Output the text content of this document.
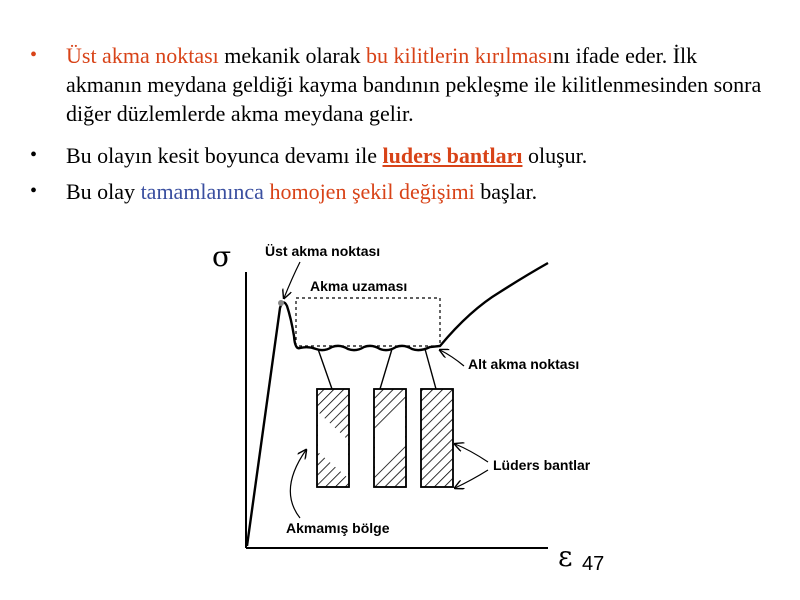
• Üst akma noktası mekanik olarak bu kilitlerin kırılmasını ifade eder. İlk akmanın meydana geldiği kayma bandının pekleşme ile kilitlenmesinden sonra diğer düzlemlerde akma meydana gelir.
• Bu olayın kesit boyunca devamı ile luders bantları oluşur.
• Bu olay tamamlanınca homojen şekil değişimi başlar.
σ
ε
Üst akma noktası
Akma uzaması
Alt akma noktası
Lüders bantlar
Akmamış bölge
47
